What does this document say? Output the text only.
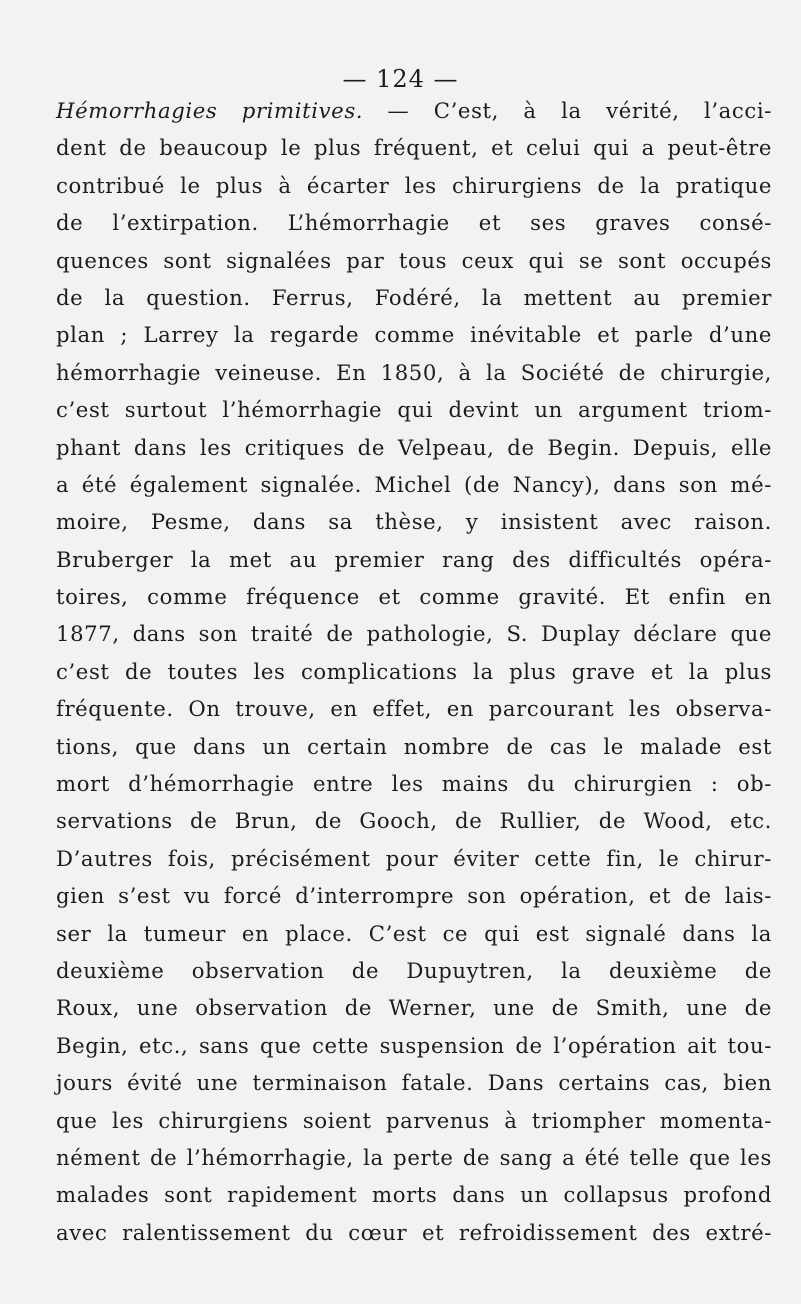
— 124 —
Hémorrhagies primitives. — C’est, à la vérité, l’acci-
dent de beaucoup le plus fréquent, et celui qui a peut-être
contribué le plus à écarter les chirurgiens de la pratique
de l’extirpation. L’hémorrhagie et ses graves consé-
quences sont signalées par tous ceux qui se sont occupés
de la question. Ferrus, Fodéré, la mettent au premier
plan ; Larrey la regarde comme inévitable et parle d’une
hémorrhagie veineuse. En 1850, à la Société de chirurgie,
c’est surtout l’hémorrhagie qui devint un argument triom-
phant dans les critiques de Velpeau, de Begin. Depuis, elle
a été également signalée. Michel (de Nancy), dans son mé-
moire, Pesme, dans sa thèse, y insistent avec raison.
Bruberger la met au premier rang des difficultés opéra-
toires, comme fréquence et comme gravité. Et enfin en
1877, dans son traité de pathologie, S. Duplay déclare que
c’est de toutes les complications la plus grave et la plus
fréquente. On trouve, en effet, en parcourant les observa-
tions, que dans un certain nombre de cas le malade est
mort d’hémorrhagie entre les mains du chirurgien : ob-
servations de Brun, de Gooch, de Rullier, de Wood, etc.
D’autres fois, précisément pour éviter cette fin, le chirur-
gien s’est vu forcé d’interrompre son opération, et de lais-
ser la tumeur en place. C’est ce qui est signalé dans la
deuxième observation de Dupuytren, la deuxième de
Roux, une observation de Werner, une de Smith, une de
Begin, etc., sans que cette suspension de l’opération ait tou-
jours évité une terminaison fatale. Dans certains cas, bien
que les chirurgiens soient parvenus à triompher momenta-
nément de l’hémorrhagie, la perte de sang a été telle que les
malades sont rapidement morts dans un collapsus profond
avec ralentissement du cœur et refroidissement des extré-
